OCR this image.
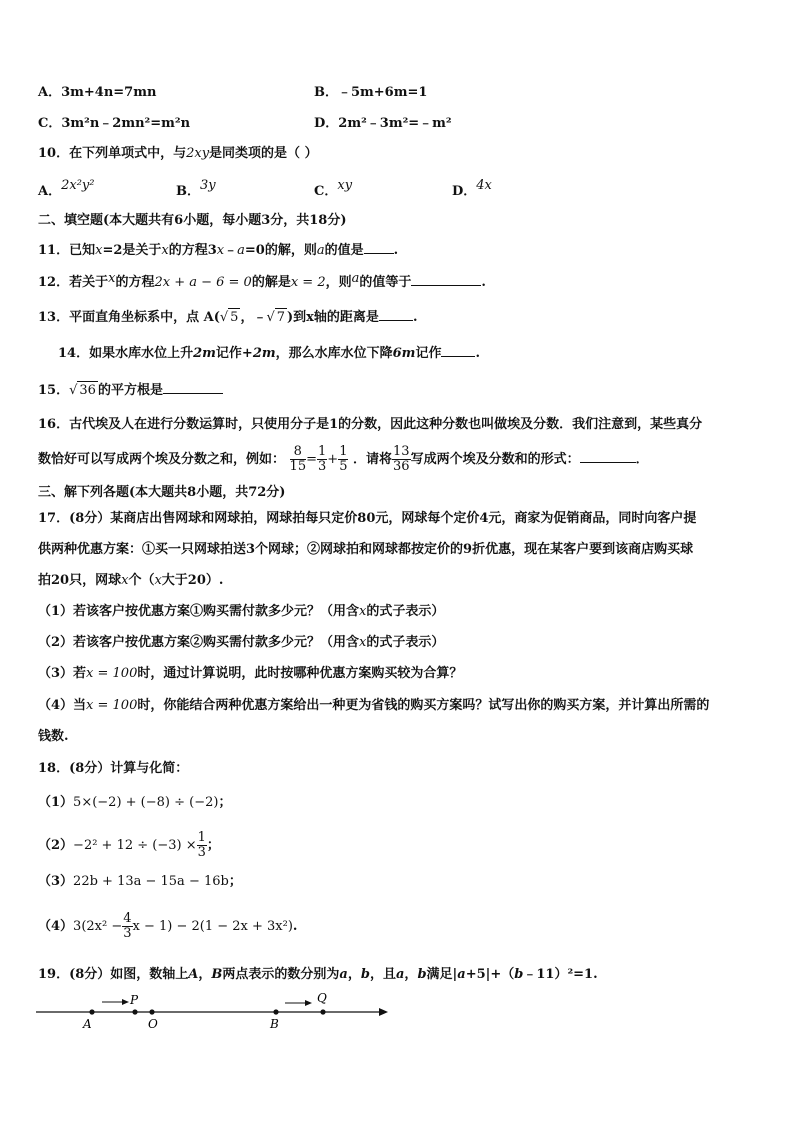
A．3m+4n=7mn	B．﹣5m+6m=1
C．3m²n﹣2mn²=m²n	D．2m²﹣3m²=﹣m²
10．在下列单项式中，与2xy是同类项的是（ ）
A．2x²y²	B．3y	C．xy	D．4x
二、填空题(本大题共有6小题，每小题3分，共18分)
11．已知x=2是关于x的方程3x﹣a=0的解，则a的值是 .
12．若关于x的方程2x + a − 6 = 0的解是x = 2，则a的值等于	.
13．平面直角坐标系中，点 A(√ 5 ，﹣√ 7 )到x轴的距离是	.
14．如果水库水位上升2m记作+2m，那么水库水位下降6m记作	.
15．√ 36 的平方根是
16．古代埃及人在进行分数运算时，只使用分子是1的分数，因此这种分数也叫做埃及分数．我们注意到，某些真分
数恰好可以写成两个埃及分数之和，例如： $\frac{8}{15} = \frac{1}{3} + \frac{1}{5}$ ．请将 $\frac{13}{36}$ 写成两个埃及分数和的形式：	．
三、解下列各题(本大题共8小题，共72分)
17．(8分）某商店出售网球和网球拍，网球拍每只定价80元，网球每个定价4元，商家为促销商品，同时向客户提
供两种优惠方案：①买一只网球拍送3个网球；②网球拍和网球都按定价的9折优惠，现在某客户要到该商店购买球
拍20只，网球x个（x大于20）.
（1）若该客户按优惠方案①购买需付款多少元？（用含x的式子表示）
（2）若该客户按优惠方案②购买需付款多少元？（用含x的式子表示）
（3）若x = 100时，通过计算说明，此时按哪种优惠方案购买较为合算？
（4）当x = 100时，你能结合两种优惠方案给出一种更为省钱的购买方案吗？试写出你的购买方案，并计算出所需的
钱数.
18．(8分）计算与化简：
（1）5×(−2) + (−8) ÷ (−2)；
$(2)-2^2 + 12 \div (-3) \times \frac{1}{3}$ ；
（3）22b + 13a − 15a − 16b；
$(4)3(2x^2 - \frac{4}{3}$ x − 1) − 2(1 − 2x + 3x²).
19．(8分）如图，数轴上A，B两点表示的数分别为a，b，且a，b满足|a+5|+（b﹣11）²=1.
A
P
O	B
Q
